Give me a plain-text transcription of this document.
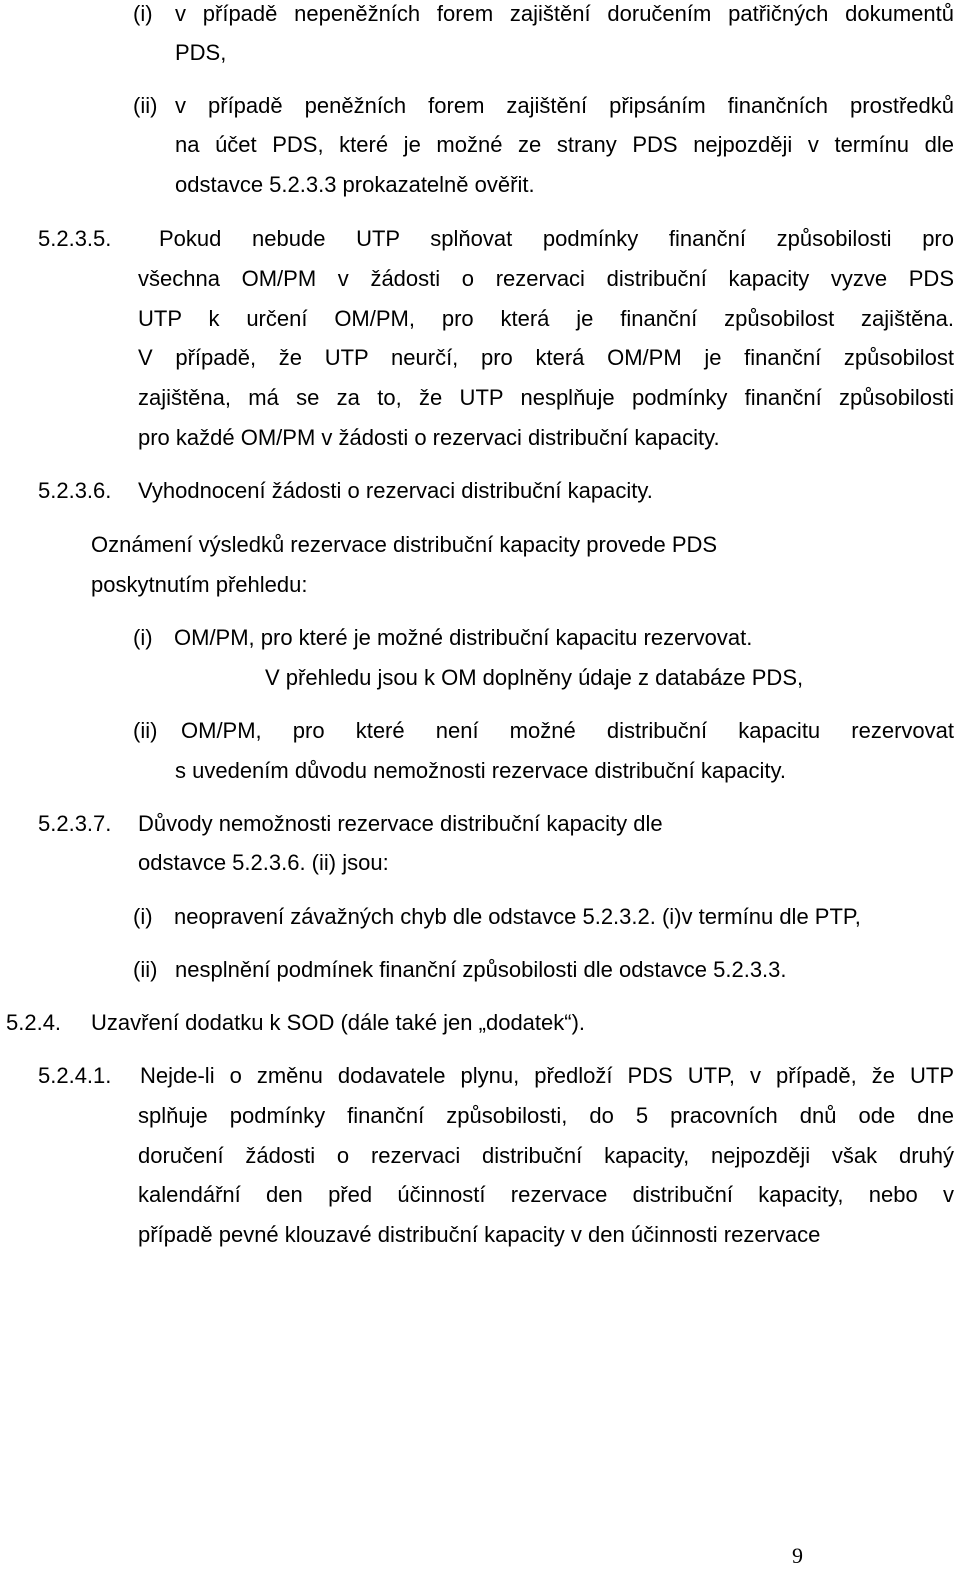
(i) v případě nepeněžních forem zajištění doručením patřičných dokumentů
PDS,
(ii) v případě peněžních forem zajištění připsáním finančních prostředků
na účet PDS, které je možné ze strany PDS nejpozději v termínu dle
odstavce 5.2.3.3 prokazatelně ověřit.
5.2.3.5. Pokud nebude UTP splňovat podmínky finanční způsobilosti pro
všechna OM/PM v žádosti o rezervaci distribuční kapacity vyzve PDS
UTP k určení OM/PM, pro která je finanční způsobilost zajištěna.
V případě, že UTP neurčí, pro která OM/PM je finanční způsobilost
zajištěna, má se za to, že UTP nesplňuje podmínky finanční způsobilosti
pro každé OM/PM v žádosti o rezervaci distribuční kapacity.
5.2.3.6. Vyhodnocení žádosti o rezervaci distribuční kapacity.
Oznámení výsledků rezervace distribuční kapacity provede PDS
poskytnutím přehledu:
(i) OM/PM, pro které je možné distribuční kapacitu rezervovat.
V přehledu jsou k OM doplněny údaje z databáze PDS,
(ii) OM/PM, pro které není možné distribuční kapacitu rezervovat
s uvedením důvodu nemožnosti rezervace distribuční kapacity.
5.2.3.7. Důvody nemožnosti rezervace distribuční kapacity dle
odstavce 5.2.3.6. (ii) jsou:
(i) neopravení závažných chyb dle odstavce 5.2.3.2. (i)v termínu dle PTP,
(ii) nesplnění podmínek finanční způsobilosti dle odstavce 5.2.3.3.
5.2.4. Uzavření dodatku k SOD (dále také jen „dodatek“).
5.2.4.1. Nejde-li o změnu dodavatele plynu, předloží PDS UTP, v případě, že UTP
splňuje podmínky finanční způsobilosti, do 5 pracovních dnů ode dne
doručení žádosti o rezervaci distribuční kapacity, nejpozději však druhý
kalendářní den před účinností rezervace distribuční kapacity, nebo v
případě pevné klouzavé distribuční kapacity v den účinnosti rezervace
9
